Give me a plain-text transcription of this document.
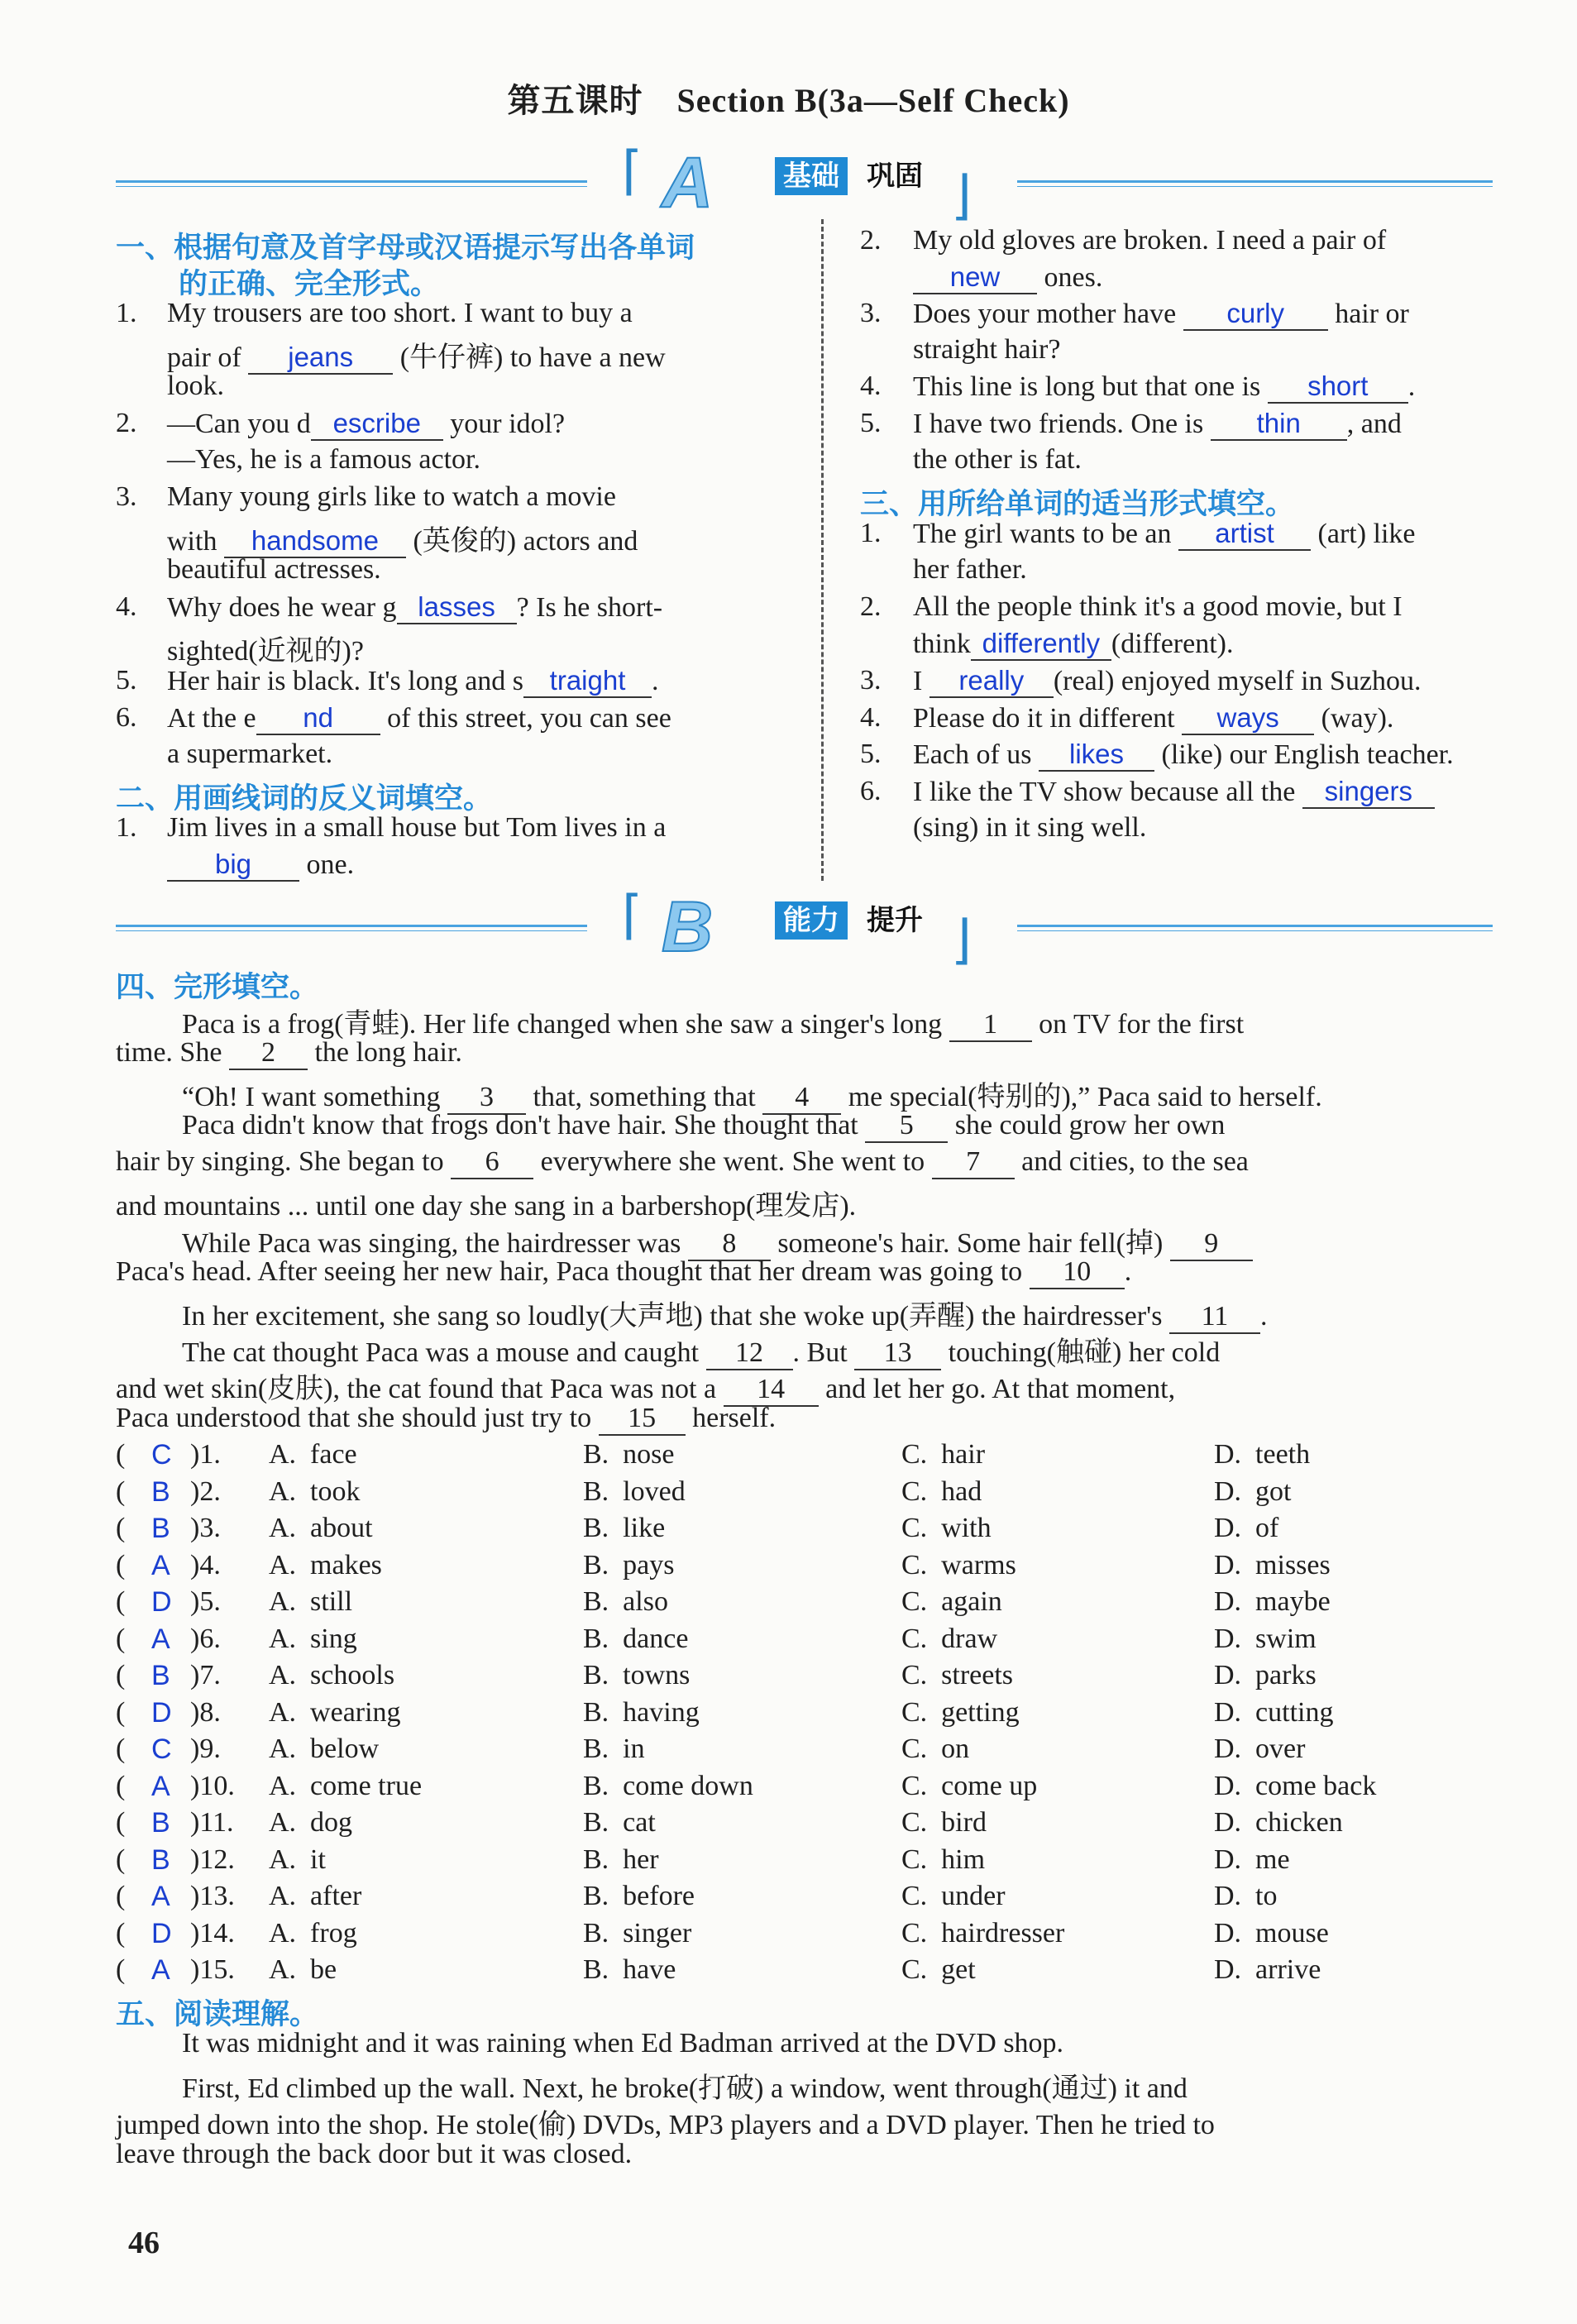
第五课时　Section B(3a—Self Check)
⌈ A 基础 巩固 ⌋
一、根据句意及首字母或汉语提示写出各单词
的正确、完全形式。
1. My trousers are too short. I want to buy a
pair of jeans (牛仔裤) to have a new
look.
2. —Can you d escribe your idol?
—Yes, he is a famous actor.
3. Many young girls like to watch a movie
with handsome (英俊的) actors and
beautiful actresses.
4. Why does he wear g lasses ? Is he short-
sighted(近视的)?
5. Her hair is black. It's long and s traight .
6. At the e nd of this street, you can see
a supermarket.
二、用画线词的反义词填空。
1. Jim lives in a small house but Tom lives in a
big one.
2. My old gloves are broken. I need a pair of
new ones.
3. Does your mother have curly hair or
straight hair?
4. This line is long but that one is short .
5. I have two friends. One is thin , and
the other is fat.
三、用所给单词的适当形式填空。
1. The girl wants to be an artist (art) like
her father.
2. All the people think it's a good movie, but I
think differently (different).
3. I really (real) enjoyed myself in Suzhou.
4. Please do it in different ways (way).
5. Each of us likes (like) our English teacher.
6. I like the TV show because all the singers
(sing) in it sing well.
⌈ B 能力 提升 ⌋
四、完形填空。
Paca is a frog(青蛙). Her life changed when she saw a singer's long 1 on TV for the first
time. She 2 the long hair.
“Oh! I want something 3 that, something that 4 me special(特别的),” Paca said to herself.
Paca didn't know that frogs don't have hair. She thought that 5 she could grow her own
hair by singing. She began to 6 everywhere she went. She went to 7 and cities, to the sea
and mountains ... until one day she sang in a barbershop(理发店).
While Paca was singing, the hairdresser was 8 someone's hair. Some hair fell(掉) 9
Paca's head. After seeing her new hair, Paca thought that her dream was going to 10 .
In her excitement, she sang so loudly(大声地) that she woke up(弄醒) the hairdresser's 11 .
The cat thought Paca was a mouse and caught 12 . But 13 touching(触碰) her cold
and wet skin(皮肤), the cat found that Paca was not a 14 and let her go. At that moment,
Paca understood that she should just try to 15 herself.
( C )1. A.  face	B.  nose	C.  hair	D.  teeth
( B )2. A.  took	B.  loved	C.  had	D.  got
( B )3. A.  about	B.  like	C.  with	D.  of
( A )4. A.  makes	B.  pays	C.  warms	D.  misses
( D )5. A.  still	B.  also	C.  again	D.  maybe
( A )6. A.  sing	B.  dance	C.  draw	D.  swim
( B )7. A.  schools	B.  towns	C.  streets	D.  parks
( D )8. A.  wearing	B.  having	C.  getting	D.  cutting
( C )9. A.  below	B.  in	C.  on	D.  over
( A )10. A.  come true	B.  come down	C.  come up	D.  come back
( B )11. A.  dog	B.  cat	C.  bird	D.  chicken
( B )12. A.  it	B.  her	C.  him	D.  me
( A )13. A.  after	B.  before	C.  under	D.  to
( D )14. A.  frog	B.  singer	C.  hairdresser	D.  mouse
( A )15. A.  be	B.  have	C.  get	D.  arrive
五、阅读理解。
It was midnight and it was raining when Ed Badman arrived at the DVD shop.
First, Ed climbed up the wall. Next, he broke(打破) a window, went through(通过) it and
jumped down into the shop. He stole(偷) DVDs, MP3 players and a DVD player. Then he tried to
leave through the back door but it was closed.
46
